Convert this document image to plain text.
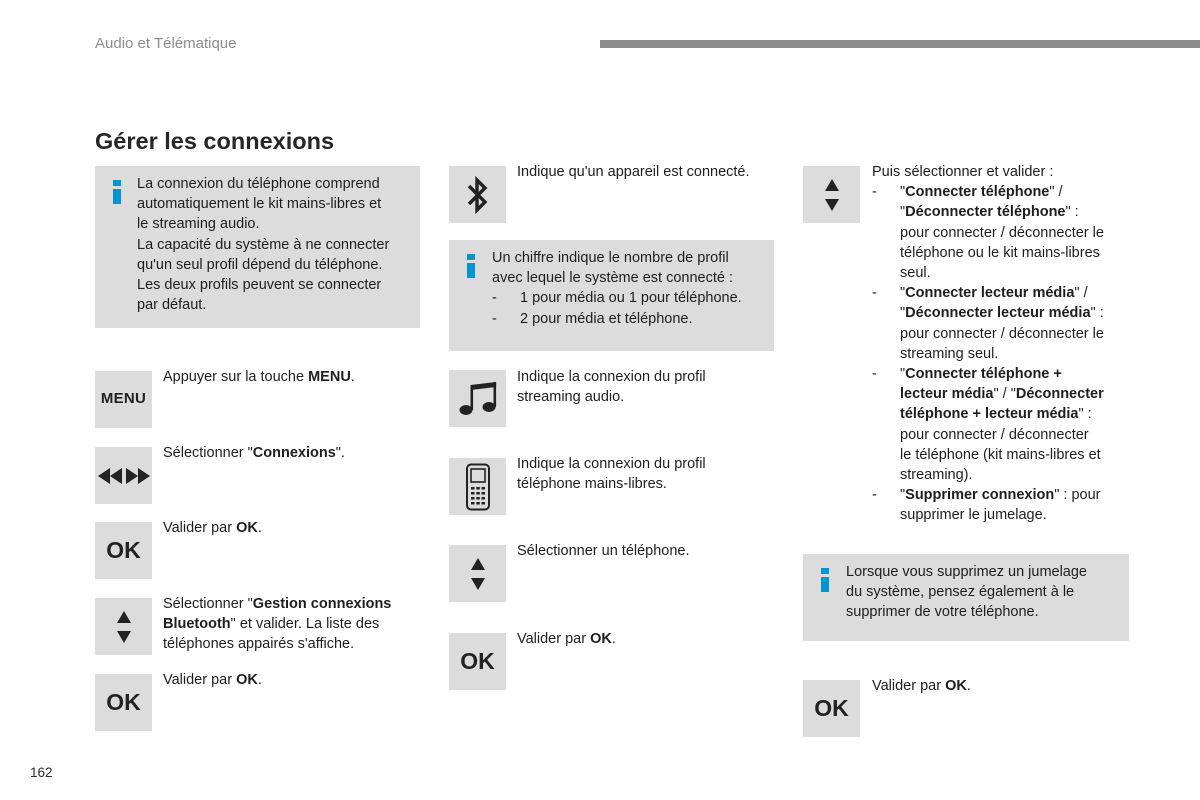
Audio et Télématique
Gérer les connexions
La connexion du téléphone comprend
automatiquement le kit mains-libres et
le streaming audio.
La capacité du système à ne connecter
qu'un seul profil dépend du téléphone.
Les deux profils peuvent se connecter
par défaut.
MENU
Appuyer sur la touche MENU.
Sélectionner "Connexions".
OK
Valider par OK.
Sélectionner "Gestion connexions
Bluetooth" et valider. La liste des
téléphones appairés s'affiche.
OK
Valider par OK.
Indique qu'un appareil est connecté.
Un chiffre indique le nombre de profil
avec lequel le système est connecté :
- 1 pour média ou 1 pour téléphone.
- 2 pour média et téléphone.
Indique la connexion du profil
streaming audio.
Indique la connexion du profil
téléphone mains-libres.
Sélectionner un téléphone.
OK
Valider par OK.
Puis sélectionner et valider :
- "Connecter téléphone" /
"Déconnecter téléphone" :
pour connecter / déconnecter le
téléphone ou le kit mains-libres
seul.
- "Connecter lecteur média" /
"Déconnecter lecteur média" :
pour connecter / déconnecter le
streaming seul.
- "Connecter téléphone +
lecteur média" / "Déconnecter
téléphone + lecteur média" :
pour connecter / déconnecter
le téléphone (kit mains-libres et
streaming).
- "Supprimer connexion" : pour
supprimer le jumelage.
Lorsque vous supprimez un jumelage
du système, pensez également à le
supprimer de votre téléphone.
OK
Valider par OK.
162
